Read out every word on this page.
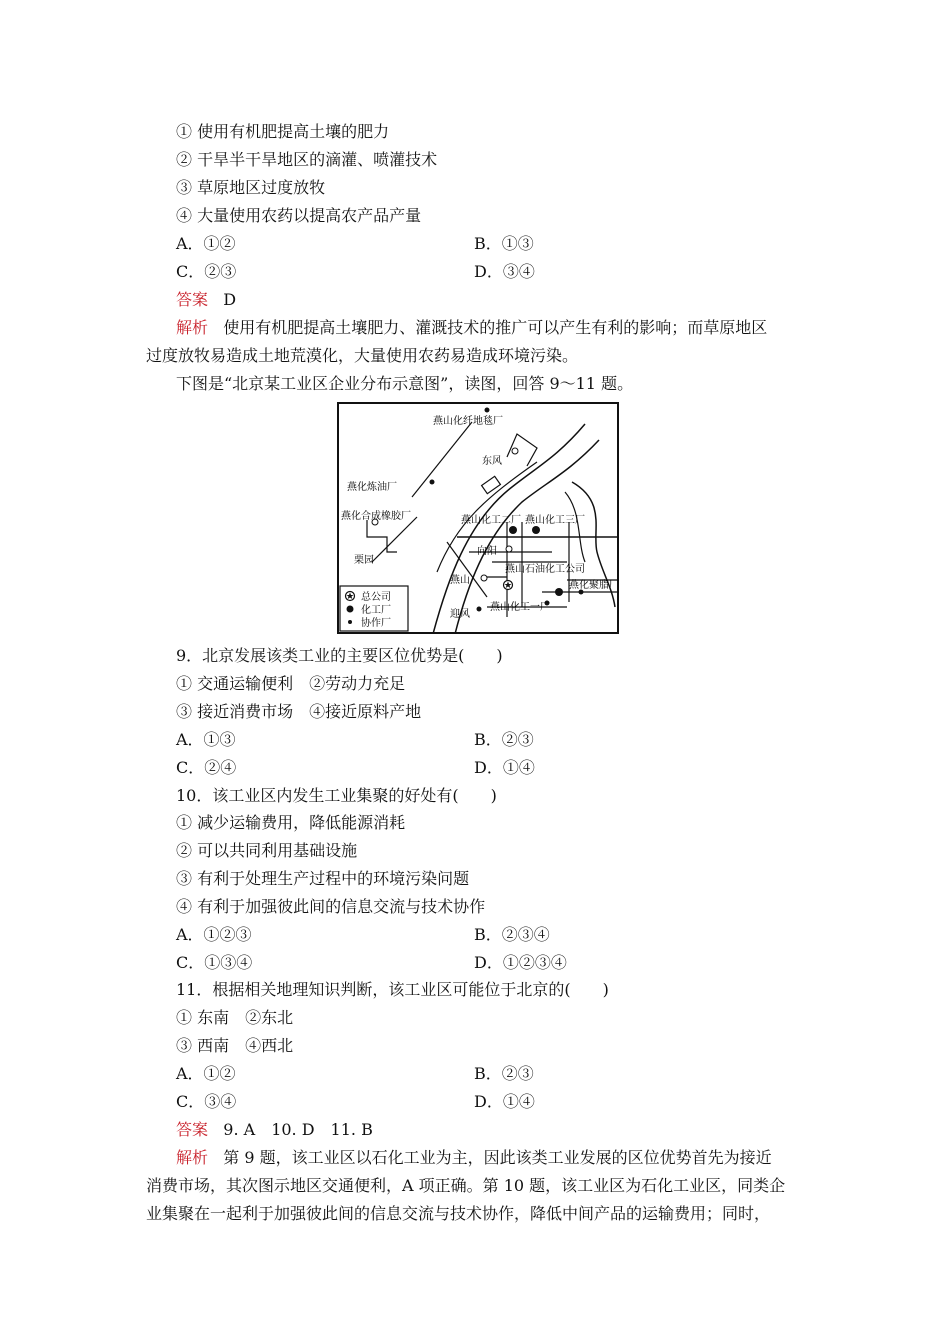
① 使用有机肥提高土壤的肥力
② 干旱半干旱地区的滴灌、喷灌技术
③ 草原地区过度放牧
④ 大量使用农药以提高农产品产量
A．①②	B．①③
C．②③	D．③④
答案 D
解析 使用有机肥提高土壤肥力、灌溉技术的推广可以产生有利的影响；而草原地区
过度放牧易造成土地荒漠化，大量使用农药易造成环境污染。
下图是“北京某工业区企业分布示意图”，读图，回答 9～11 题。
燕山化纤地毯厂
东风
燕化炼油厂
燕化合成橡胶厂
栗园
燕山化工二厂 燕山化工三厂
向阳
燕山
燕山石油化工公司
燕化聚脂厂
迎风
燕山化工一厂
总公司
化工厂
协作厂
9．北京发展该类工业的主要区位优势是(　　)
① 交通运输便利　②劳动力充足
③ 接近消费市场　④接近原料产地
A．①③	B．②③
C．②④	D．①④
10．该工业区内发生工业集聚的好处有(　　)
① 减少运输费用，降低能源消耗
② 可以共同利用基础设施
③ 有利于处理生产过程中的环境污染问题
④ 有利于加强彼此间的信息交流与技术协作
A．①②③	B．②③④
C．①③④	D．①②③④
11．根据相关地理知识判断，该工业区可能位于北京的(　　)
① 东南　②东北
③ 西南　④西北
A．①②	B．②③
C．③④	D．①④
答案 9. A　10. D　11. B
解析 第 9 题，该工业区以石化工业为主，因此该类工业发展的区位优势首先为接近
消费市场，其次图示地区交通便利，A 项正确。第 10 题，该工业区为石化工业区，同类企
业集聚在一起利于加强彼此间的信息交流与技术协作，降低中间产品的运输费用；同时，
